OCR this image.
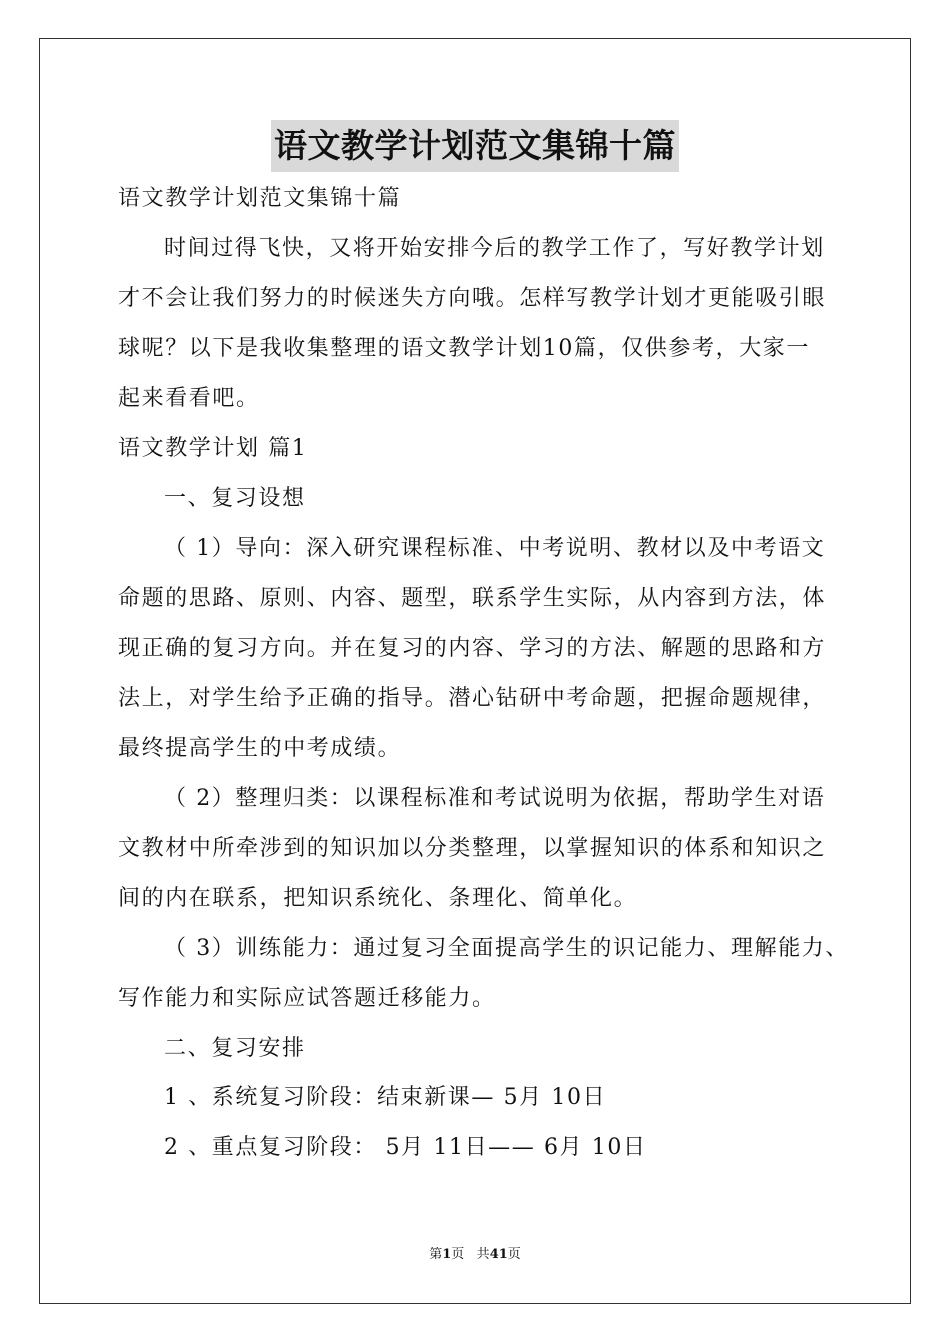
语文教学计划范文集锦十篇
语文教学计划范文集锦十篇
时间过得飞快，又将开始安排今后的教学工作了，写好教学计划
才不会让我们努力的时候迷失方向哦。怎样写教学计划才更能吸引眼
球呢？以下是我收集整理的语文教学计划10篇，仅供参考，大家一
起来看看吧。
语文教学计划 篇1
一、复习设想
（ 1）导向：深入研究课程标准、中考说明、教材以及中考语文
命题的思路、原则、内容、题型，联系学生实际，从内容到方法，体
现正确的复习方向。并在复习的内容、学习的方法、解题的思路和方
法上，对学生给予正确的指导。潜心钻研中考命题，把握命题规律，
最终提高学生的中考成绩。
（ 2）整理归类：以课程标准和考试说明为依据，帮助学生对语
文教材中所牵涉到的知识加以分类整理，以掌握知识的体系和知识之
间的内在联系，把知识系统化、条理化、简单化。
（ 3）训练能力：通过复习全面提高学生的识记能力、理解能力、
写作能力和实际应试答题迁移能力。
二、复习安排
1 、系统复习阶段：结束新课— 5月 10日
2 、重点复习阶段： 5月 11日—— 6月 10日
第1页 共41页
